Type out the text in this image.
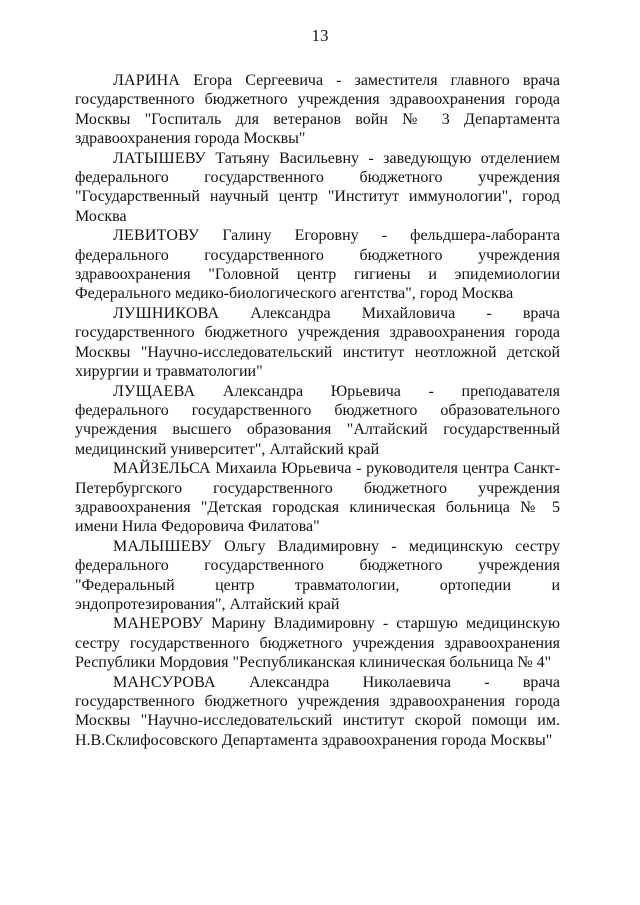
13

ЛАРИНА Егора Сергеевича - заместителя главного врача государственного бюджетного учреждения здравоохранения города Москвы "Госпиталь для ветеранов войн № 3 Департамента здравоохранения города Москвы"

ЛАТЫШЕВУ Татьяну Васильевну - заведующую отделением федерального государственного бюджетного учреждения "Государственный научный центр "Институт иммунологии", город Москва

ЛЕВИТОВУ Галину Егоровну - фельдшера-лаборанта федерального государственного бюджетного учреждения здравоохранения "Головной центр гигиены и эпидемиологии Федерального медико-биологического агентства", город Москва

ЛУШНИКОВА Александра Михайловича - врача государственного бюджетного учреждения здравоохранения города Москвы "Научно-исследовательский институт неотложной детской хирургии и травматологии"

ЛУЩАЕВА Александра Юрьевича - преподавателя федерального государственного бюджетного образовательного учреждения высшего образования "Алтайский государственный медицинский университет", Алтайский край

МАЙЗЕЛЬСА Михаила Юрьевича - руководителя центра Санкт-Петербургского государственного бюджетного учреждения здравоохранения "Детская городская клиническая больница № 5 имени Нила Федоровича Филатова"

МАЛЫШЕВУ Ольгу Владимировну - медицинскую сестру федерального государственного бюджетного учреждения "Федеральный центр травматологии, ортопедии и эндопротезирования", Алтайский край

МАНЕРОВУ Марину Владимировну - старшую медицинскую сестру государственного бюджетного учреждения здравоохранения Республики Мордовия "Республиканская клиническая больница № 4"

МАНСУРОВА Александра Николаевича - врача государственного бюджетного учреждения здравоохранения города Москвы "Научно-исследовательский институт скорой помощи им. Н.В.Склифосовского Департамента здравоохранения города Москвы"
